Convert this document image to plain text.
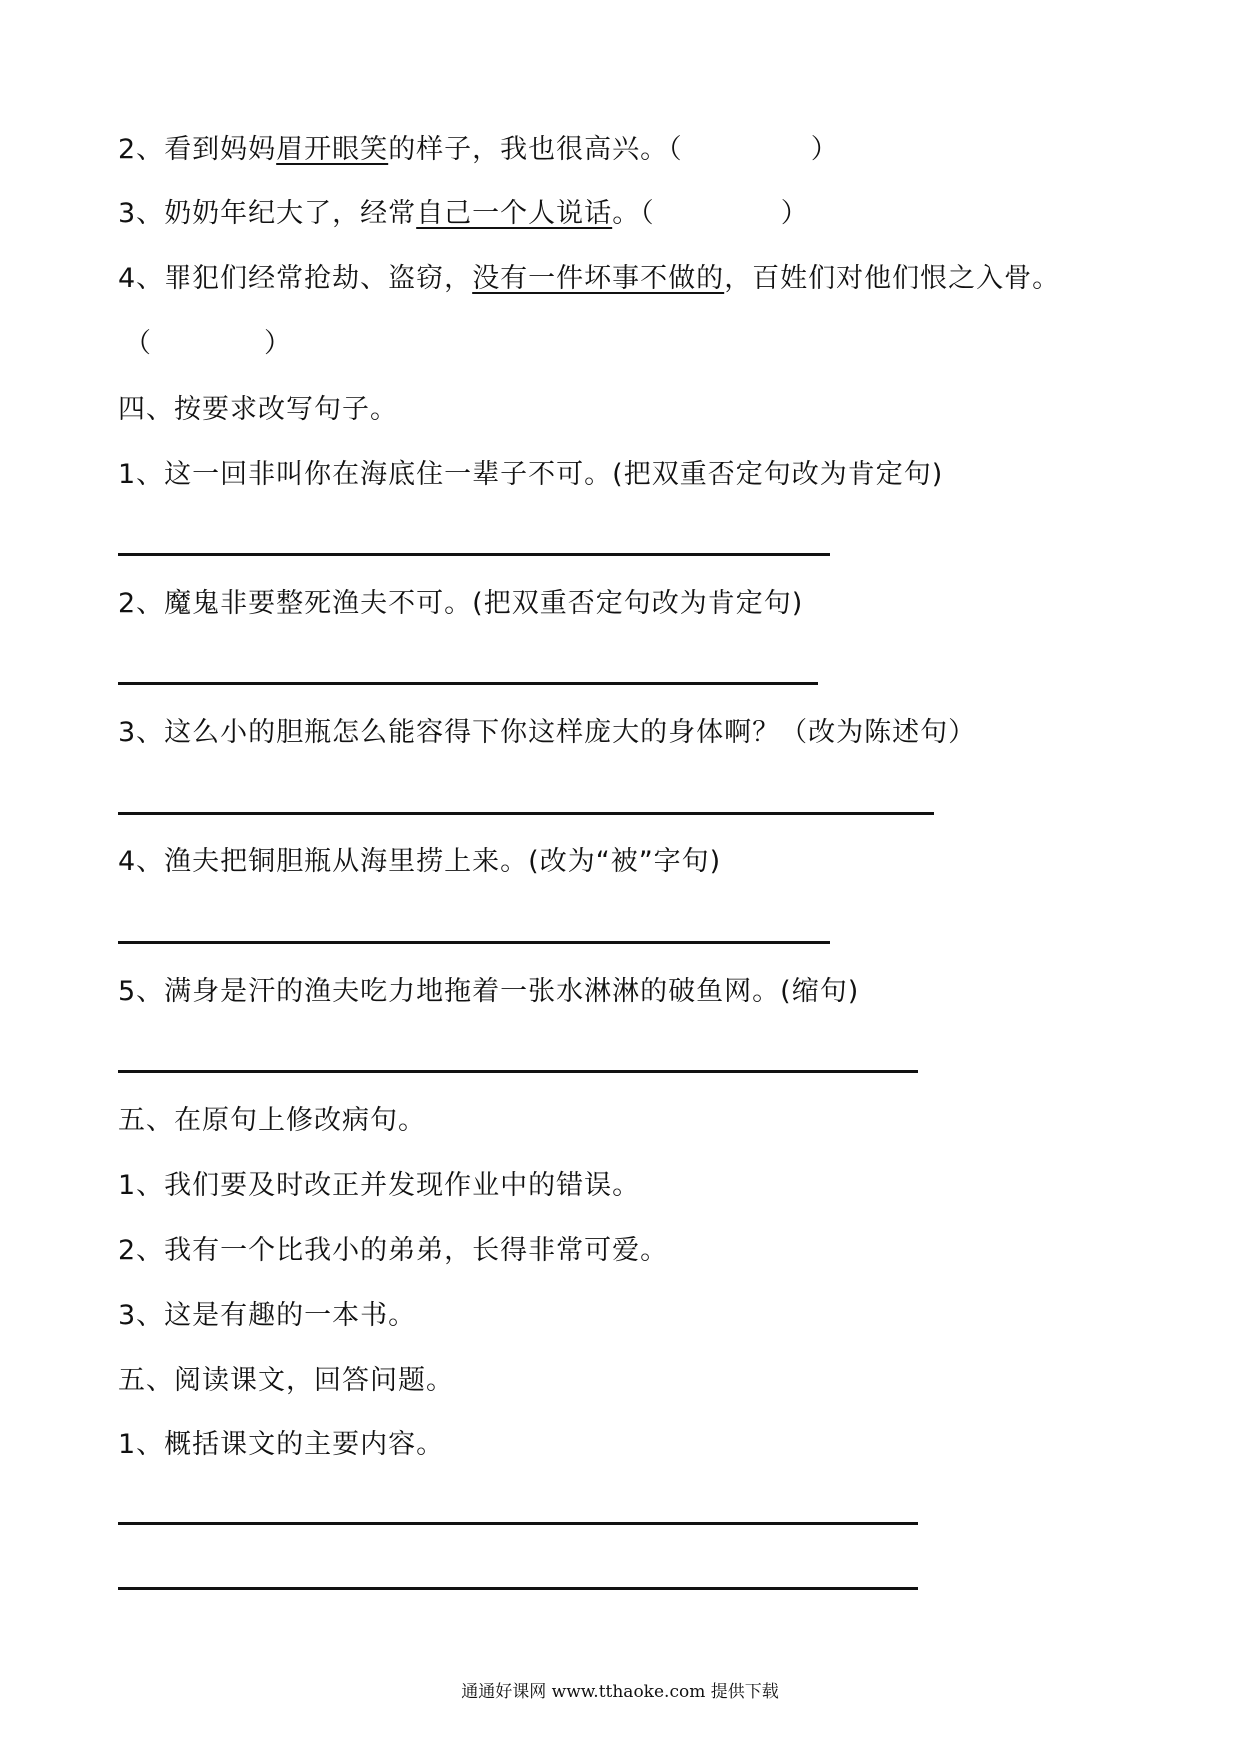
2、看到妈妈眉开眼笑的样子，我也很高兴。（	）
3、奶奶年纪大了，经常自己一个人说话。（	）
4、罪犯们经常抢劫、盗窃，没有一件坏事不做的，百姓们对他们恨之入骨。
（	）
四、按要求改写句子。
1、这一回非叫你在海底住一辈子不可。(把双重否定句改为肯定句)
2、魔鬼非要整死渔夫不可。(把双重否定句改为肯定句)
3、这么小的胆瓶怎么能容得下你这样庞大的身体啊？（改为陈述句）
4、渔夫把铜胆瓶从海里捞上来。(改为“被”字句)
5、满身是汗的渔夫吃力地拖着一张水淋淋的破鱼网。(缩句)
五、在原句上修改病句。
1、我们要及时改正并发现作业中的错误。
2、我有一个比我小的弟弟，长得非常可爱。
3、这是有趣的一本书。
五、阅读课文，回答问题。
1、概括课文的主要内容。
通通好课网 www.tthaoke.com 提供下载
